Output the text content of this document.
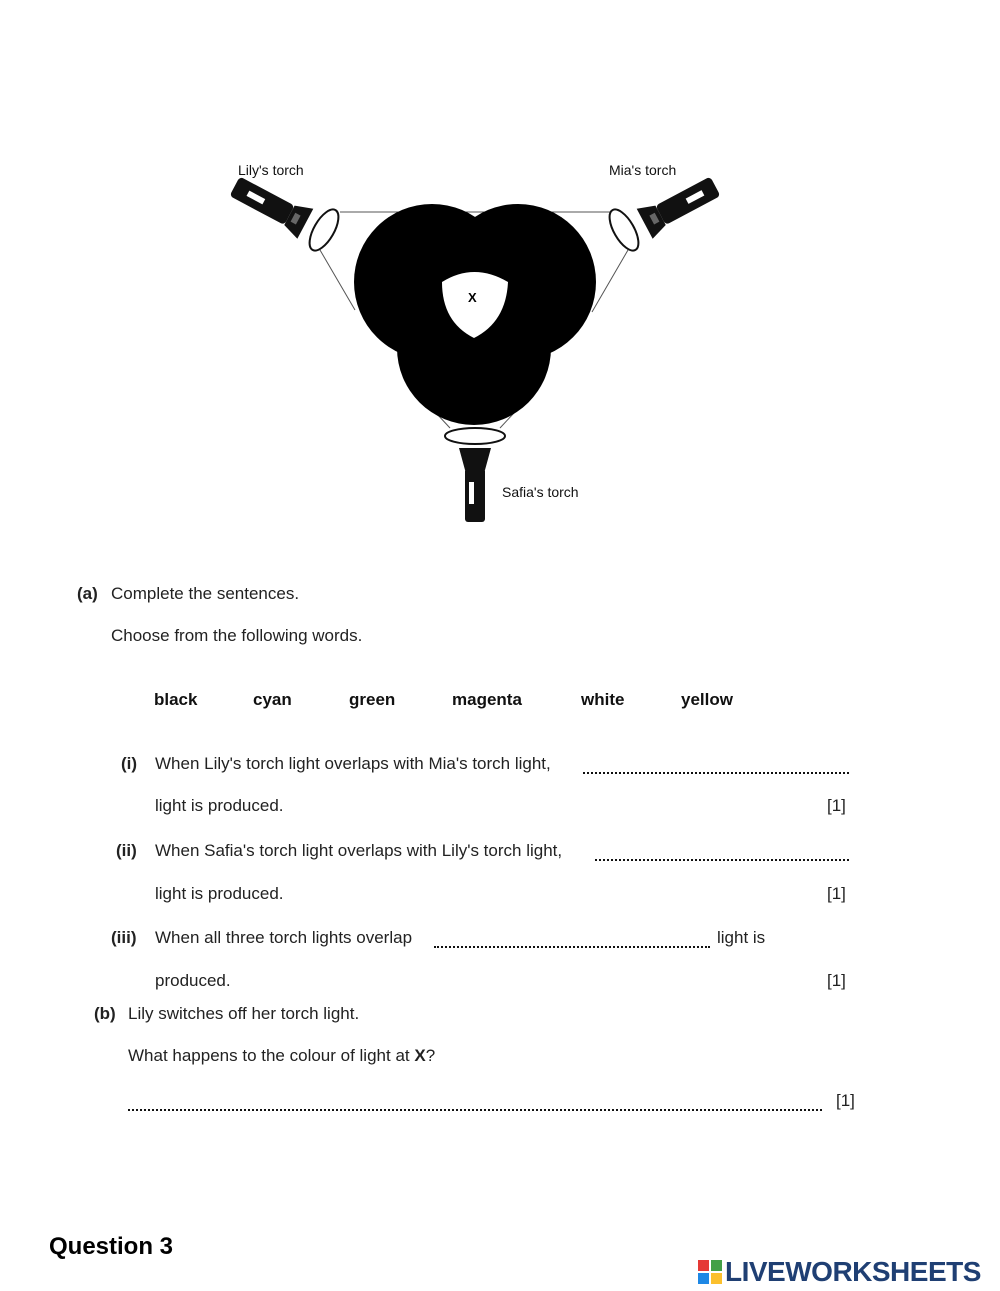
X
Lily's torch	Mia's torch
Safia's torch
(a) Complete the sentences.
Choose from the following words.
black	cyan	green	magenta	white	yellow
(i) When Lily's torch light overlaps with Mia's torch light,
light is produced.	[1]
(ii) When Safia's torch light overlaps with Lily's torch light,
light is produced.	[1]
(iii) When all three torch lights overlap	light is
produced.	[1]
(b) Lily switches off her torch light.
What happens to the colour of light at X?
[1]
Question 3
LIVEWORKSHEETS
